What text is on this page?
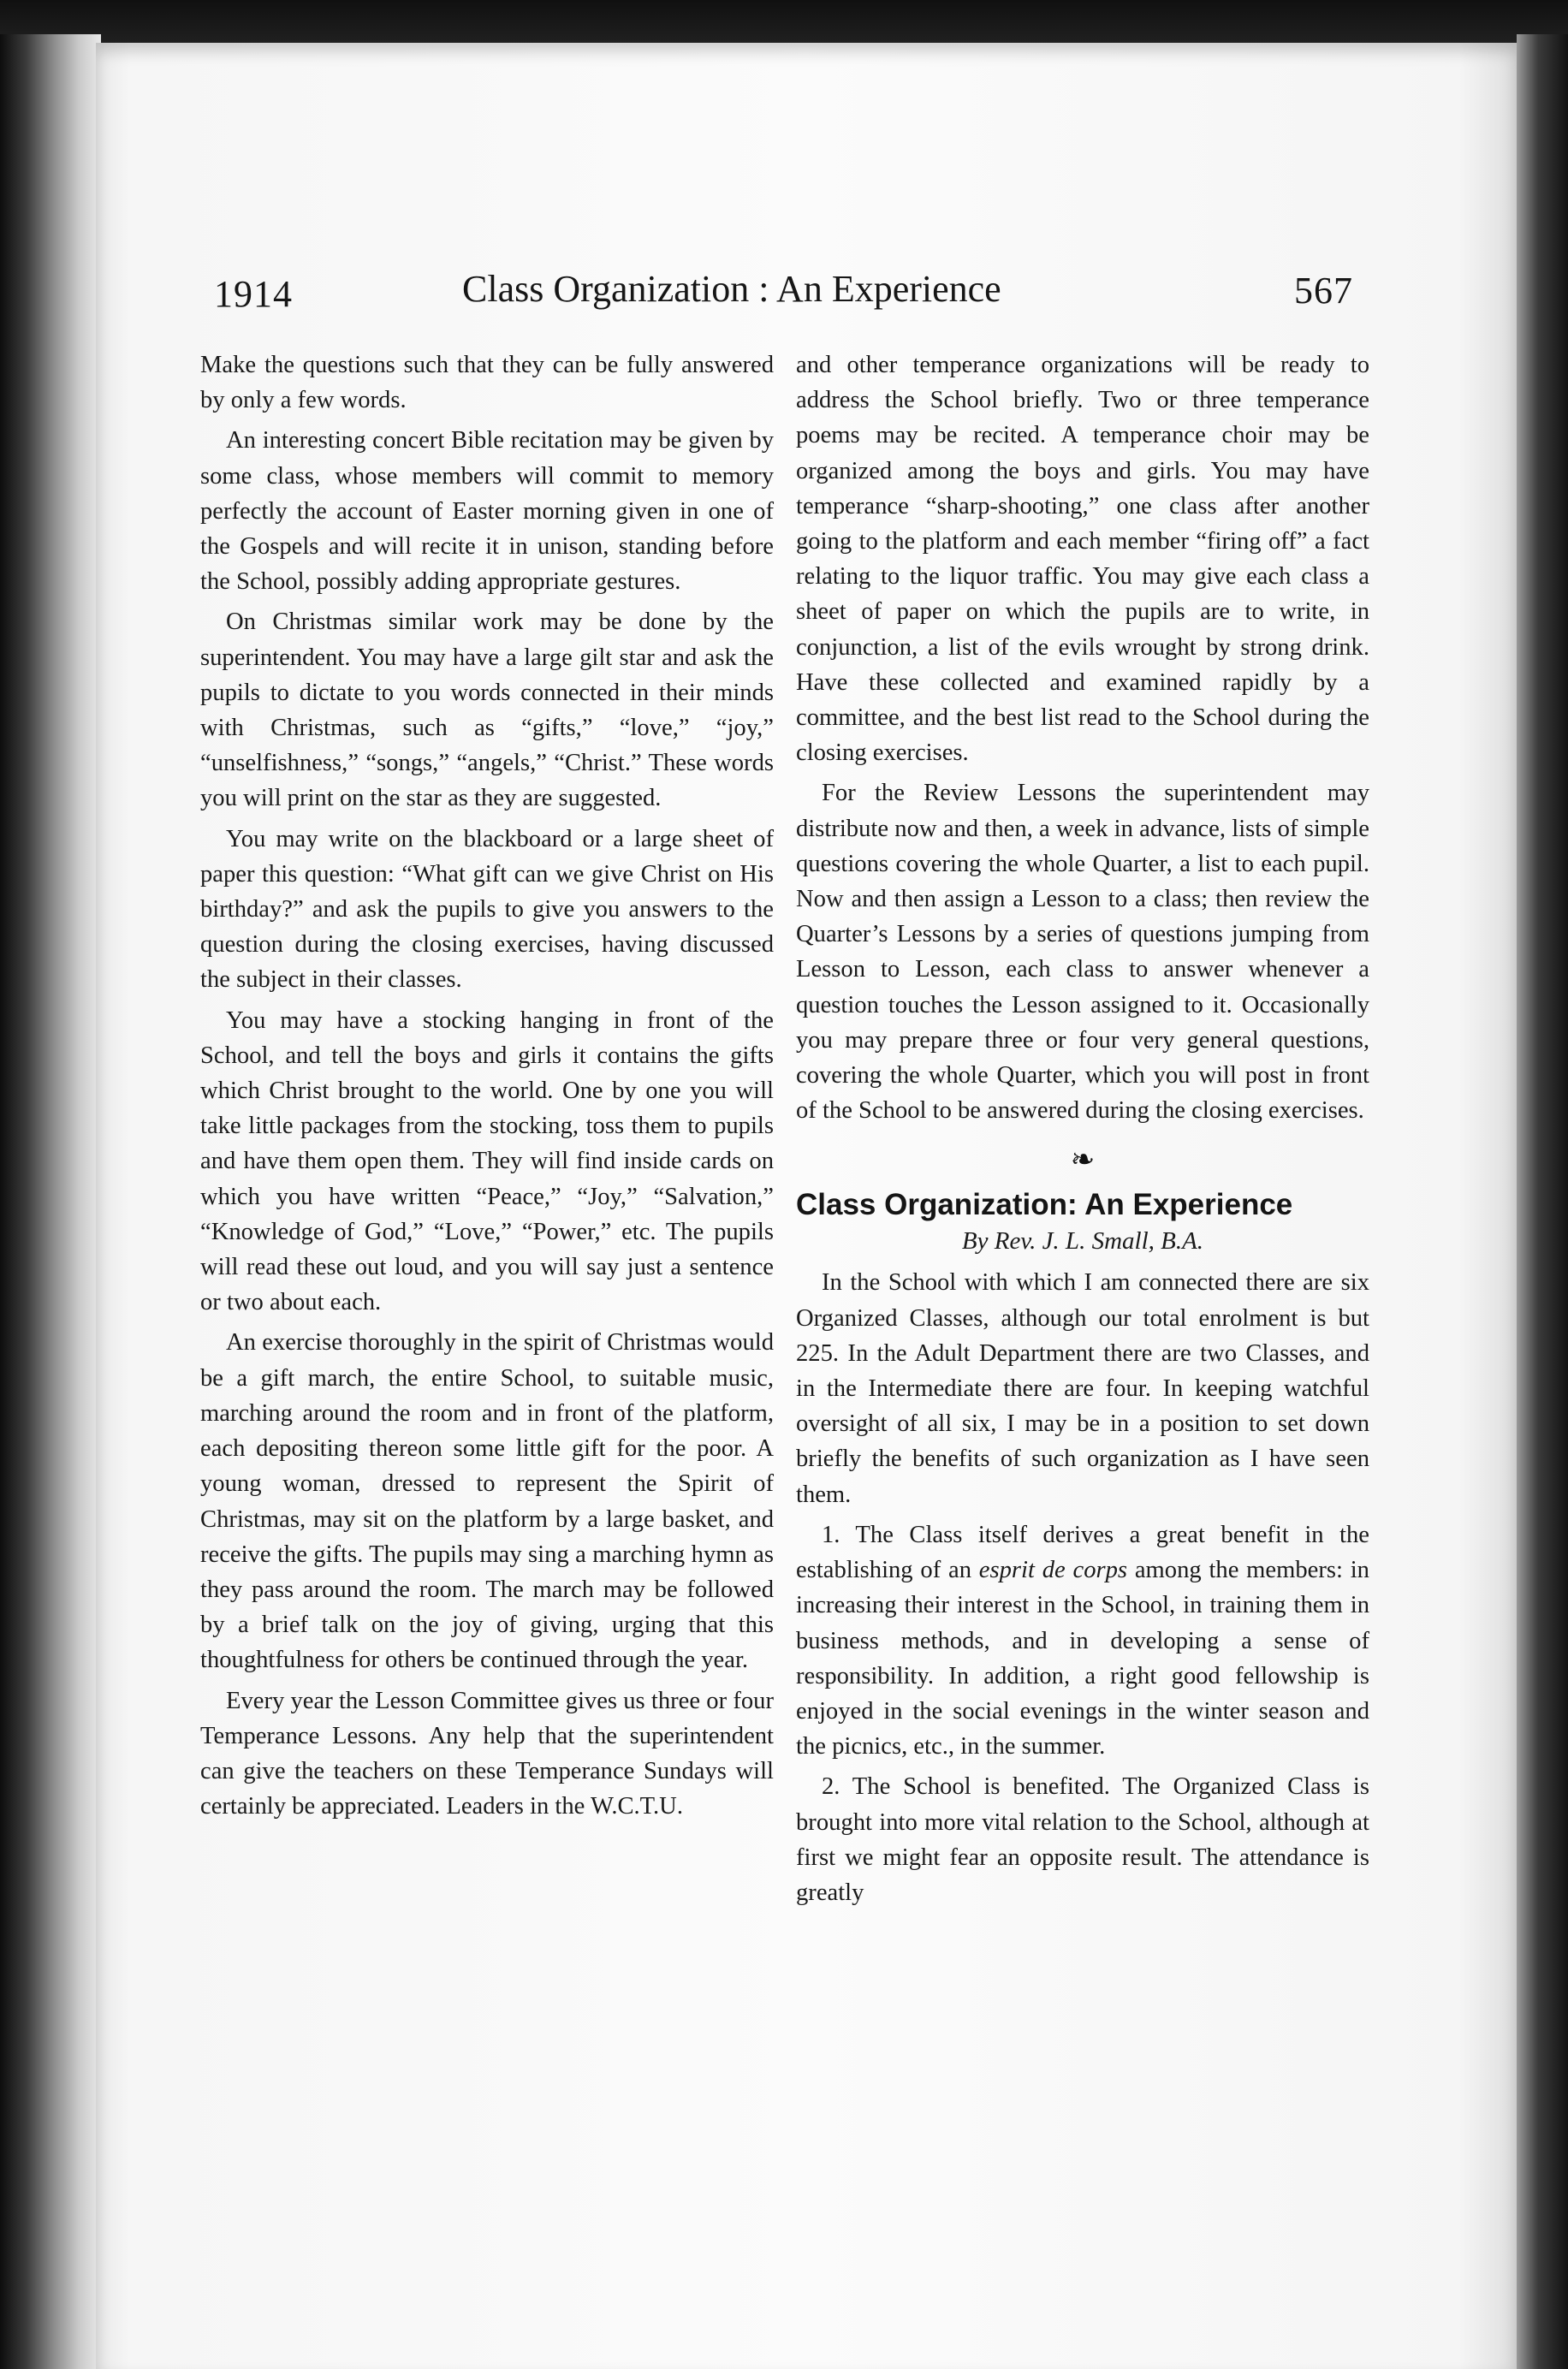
1914	Class Organization : An Experience	567

Make the questions such that they can be fully answered by only a few words.

An interesting concert Bible recitation may be given by some class, whose members will commit to memory perfectly the account of Easter morning given in one of the Gospels and will recite it in unison, standing before the School, possibly adding appropriate gestures.

On Christmas similar work may be done by the superintendent. You may have a large gilt star and ask the pupils to dictate to you words connected in their minds with Christmas, such as “gifts,” “love,” “joy,” “unselfishness,” “songs,” “angels,” “Christ.” These words you will print on the star as they are suggested.

You may write on the blackboard or a large sheet of paper this question: “What gift can we give Christ on His birthday?” and ask the pupils to give you answers to the question during the closing exercises, having discussed the subject in their classes.

You may have a stocking hanging in front of the School, and tell the boys and girls it contains the gifts which Christ brought to the world. One by one you will take little packages from the stocking, toss them to pupils and have them open them. They will find inside cards on which you have written “Peace,” “Joy,” “Salvation,” “Knowledge of God,” “Love,” “Power,” etc. The pupils will read these out loud, and you will say just a sentence or two about each.

An exercise thoroughly in the spirit of Christmas would be a gift march, the entire School, to suitable music, marching around the room and in front of the platform, each depositing thereon some little gift for the poor. A young woman, dressed to represent the Spirit of Christmas, may sit on the platform by a large basket, and receive the gifts. The pupils may sing a marching hymn as they pass around the room. The march may be followed by a brief talk on the joy of giving, urging that this thoughtfulness for others be continued through the year.

Every year the Lesson Committee gives us three or four Temperance Lessons. Any help that the superintendent can give the teachers on these Temperance Sundays will certainly be appreciated. Leaders in the W.C.T.U.

and other temperance organizations will be ready to address the School briefly. Two or three temperance poems may be recited. A temperance choir may be organized among the boys and girls. You may have temperance “sharp-shooting,” one class after another going to the platform and each member “firing off” a fact relating to the liquor traffic. You may give each class a sheet of paper on which the pupils are to write, in conjunction, a list of the evils wrought by strong drink. Have these collected and examined rapidly by a committee, and the best list read to the School during the closing exercises.

For the Review Lessons the superintendent may distribute now and then, a week in advance, lists of simple questions covering the whole Quarter, a list to each pupil. Now and then assign a Lesson to a class; then review the Quarter’s Lessons by a series of questions jumping from Lesson to Lesson, each class to answer whenever a question touches the Lesson assigned to it. Occasionally you may prepare three or four very general questions, covering the whole Quarter, which you will post in front of the School to be answered during the closing exercises.

❧
Class Organization: An Experience
By Rev. J. L. Small, B.A.

In the School with which I am connected there are six Organized Classes, although our total enrolment is but 225. In the Adult Department there are two Classes, and in the Intermediate there are four. In keeping watchful oversight of all six, I may be in a position to set down briefly the benefits of such organization as I have seen them.

1. The Class itself derives a great benefit in the establishing of an esprit de corps among the members: in increasing their interest in the School, in training them in business methods, and in developing a sense of responsibility. In addition, a right good fellowship is enjoyed in the social evenings in the winter season and the picnics, etc., in the summer.

2. The School is benefited. The Organized Class is brought into more vital relation to the School, although at first we might fear an opposite result. The attendance is greatly
